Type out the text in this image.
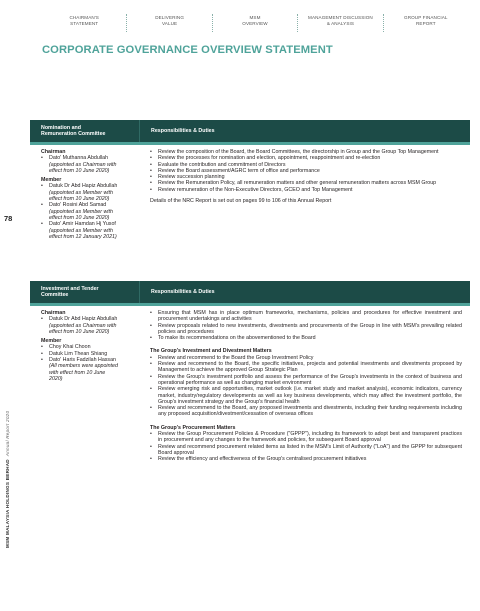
CHAIRMAN'S
STATEMENT
DELIVERING
VALUE
MSM
OVERVIEW
MANAGEMENT DISCUSSION
& ANALYSIS
GROUP FINANCIAL
REPORT
CORPORATE GOVERNANCE OVERVIEW STATEMENT
78
MSM MALAYSIA HOLDINGS BERHAD  Annual Report 2020
Nomination and
Remuneration Committee
Responsibilities & Duties
Chairman
• Dato' Muthanna Abdullah
(appointed as Chairman with
effect from 10 June 2020)
Member
• Datuk Dr Abd Hapiz Abdullah
(appointed as Member with
effect from 10 June 2020)
• Dato' Rosini Abd Samad
(appointed as Member with
effect from 10 June 2020)
• Dato' Amir Hamdan Hj Yusof
(appointed as Member with
effect from 12 January 2021)
• Review the composition of the Board, the Board Committees, the directorship in Group and the Group Top Management
• Review the processes for nomination and election, appointment, reappointment and re-election
• Evaluate the contribution and commitment of Directors
• Review the Board assessment/AGRC term of office and performance
• Review succession planning
• Review the Remuneration Policy, all remuneration matters and other general remuneration matters across MSM Group
• Review remuneration of the Non-Executive Directors, GCEO and Top Management
Details of the NRC Report is set out on pages 99 to 106 of this Annual Report
Investment and Tender
Committee
Responsibilities & Duties
Chairman
• Datuk Dr Abd Hapiz Abdullah
(appointed as Chairman with
effect from 10 June 2020)
Member
• Choy Khai Choon
• Datuk Lim Thean Shiang
• Dato' Haris Fadzilah Hassan
(All members were appointed
with effect from 10 June
2020)
• Ensuring that MSM has in place optimum frameworks, mechanisms, policies and procedures for effective investment and procurement undertakings and activities
• Review proposals related to new investments, divestments and procurements of the Group in line with MSM's prevailing related policies and procedures
• To make its recommendations on the abovementioned to the Board
The Group's Investment and Divestment Matters
• Review and recommend to the Board the Group Investment Policy
• Review and recommend to the Board, the specific initiatives, projects and potential investments and divestments proposed by Management to achieve the approved Group Strategic Plan
• Review the Group's investment portfolio and assess the performance of the Group's investments in the context of business and operational performance as well as changing market environment
• Review emerging risk and opportunities, market outlook (i.e. market study and market analysis), economic indicators, currency market, industry/regulatory developments as well as key business developments, which may affect the investment portfolio, the Group's investment strategy and the Group's financial health
• Review and recommend to the Board, any proposed investments and divestments, including their funding requirements including any proposed acquisition/divestment/cessation of overseas offices
The Group's Procurement Matters
• Review the Group Procurement Policies & Procedure ("GPPP"), including its framework to adopt best and transparent practices in procurement and any changes to the framework and policies, for subsequent Board approval
• Review and recommend procurement related items as listed in the MSM's Limit of Authority ("LoA") and the GPPP for subsequent Board approval
• Review the efficiency and effectiveness of the Group's centralised procurement initiatives
